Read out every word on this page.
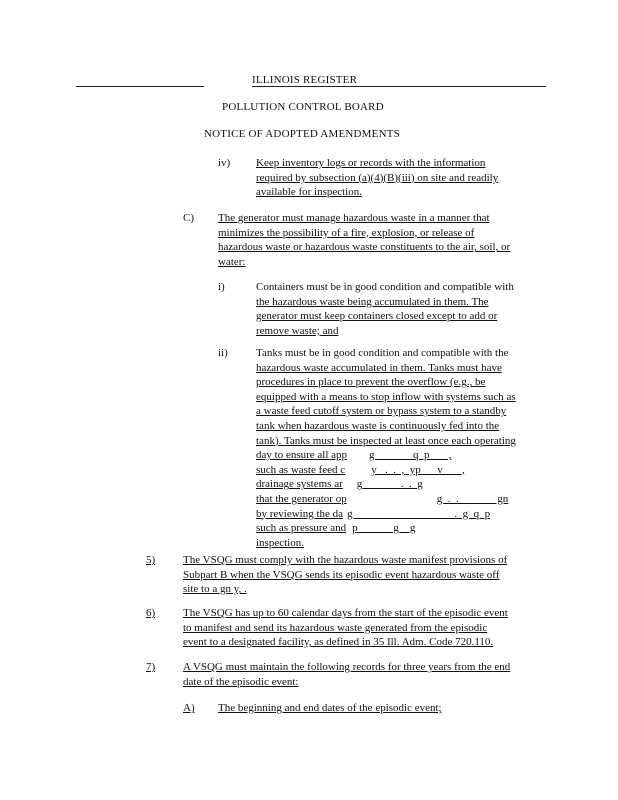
ILLINOIS REGISTER
POLLUTION CONTROL BOARD
NOTICE OF ADOPTED AMENDMENTS
iv) Keep inventory logs or records with the information
required by subsection (a)(4)(B)(iii) on site and readily
available for inspection.
C) The generator must manage hazardous waste in a manner that
minimizes the possibility of a fire, explosion, or release of
hazardous waste or hazardous waste constituents to the air, soil, or
water:
i)	Containers must be in good condition and compatible with
the hazardous waste being accumulated in them. The
generator must keep containers closed except to add or
remove waste; and
ii)	Tanks must be in good condition and compatible with the
hazardous waste accumulated in them. Tanks must have
procedures in place to prevent the overflow (e.g., be
equipped with a means to stop inflow with systems such as
a waste feed cutoff system or bypass system to a standby
tank when hazardous waste is continuously fed into the
tank). Tanks must be inspected at least once each operating
day to ensure all app g              q  p       ,
such as waste feed c y   .  .  ,  yp      v       ,
drainage systems ar g              .  .  g
that the generator op	g  .  .              gn
by reviewing the da g                                     .  g  q  p
such as pressure and p             g    g
inspection.
5)	The VSQG must comply with the hazardous waste manifest provisions of
Subpart B when the VSQG sends its episodic event hazardous waste off
site to a gn y, .
6)	The VSQG has up to 60 calendar days from the start of the episodic event
to manifest and send its hazardous waste generated from the episodic
event to a designated facility, as defined in 35 Ill. Adm. Code 720.110.
7)	A VSQG must maintain the following records for three years from the end
date of the episodic event:
A) The beginning and end dates of the episodic event;
